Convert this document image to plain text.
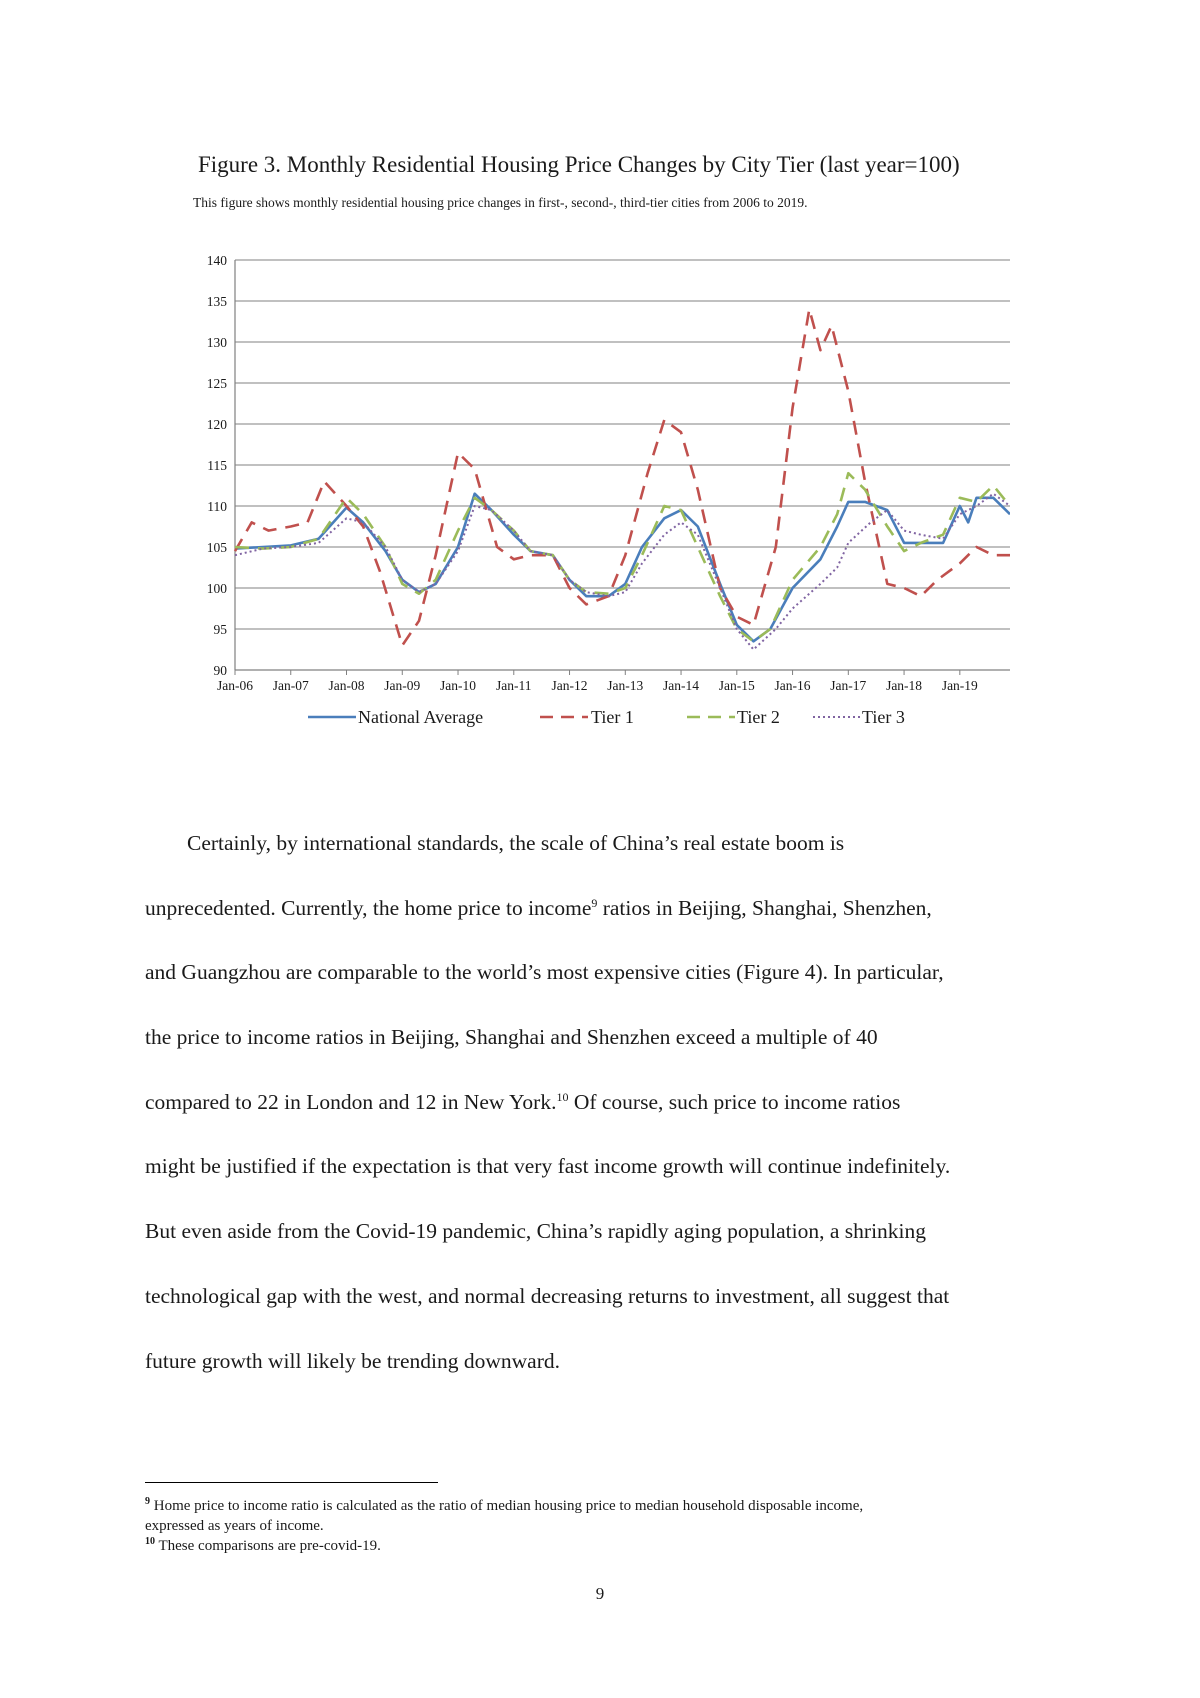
Figure 3. Monthly Residential Housing Price Changes by City Tier (last year=100)
This figure shows monthly residential housing price changes in first-, second-, third-tier cities from 2006 to 2019.
90
95
100
105
110
115
120
125
130
135
140
Jan-06 Jan-07 Jan-08 Jan-09 Jan-10 Jan-11 Jan-12 Jan-13 Jan-14 Jan-15 Jan-16 Jan-17 Jan-18 Jan-19
National Average	Tier 1	Tier 2	Tier 3
Certainly, by international standards, the scale of China’s real estate boom is
unprecedented. Currently, the home price to income$^9$ ratios in Beijing, Shanghai, Shenzhen,
and Guangzhou are comparable to the world’s most expensive cities (Figure 4). In particular,
the price to income ratios in Beijing, Shanghai and Shenzhen exceed a multiple of 40
compared to 22 in London and 12 in New York.$^{10}$ Of course, such price to income ratios
might be justified if the expectation is that very fast income growth will continue indefinitely.
But even aside from the Covid-19 pandemic, China’s rapidly aging population, a shrinking
technological gap with the west, and normal decreasing returns to investment, all suggest that
future growth will likely be trending downward.
$^9$ Home price to income ratio is calculated as the ratio of median housing price to median household disposable income,
expressed as years of income.
$^{10}$ These comparisons are pre-covid-19.
9
